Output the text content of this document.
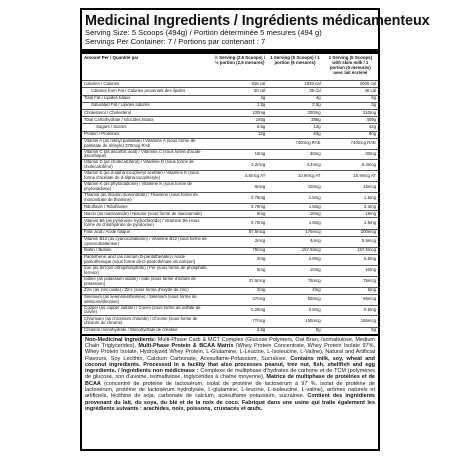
Medicinal Ingredients / Ingrédients médicamenteux
Serving Size: 5 Scoops (494g) / Portion déterminée 5 mesures (494 g)
Servings Per Container: 7 / Portions par contenant : 7
Amount Per / Quantité par	½ Serving (2.5 Scoops) / ½ portion (2,5 mesures)	1 Serving (5 Scoops) / 1 portion (5 mesures)	1 Serving (5 Scoops) with skim milk / 1 portion (5 mesures) avec lait écrémé
Calories / Calories	915 cal	1830 cal	2000 cal
Calories from Fat / Calories provenant des lipides	20 cal	35 cal	40 cal
Total Fat / Lipides totaux	2g	4g	5g
Saturated Fat / Lipides saturés	1.5g	2.5g	3g
Cholesterol / Cholestérol	100mg	200mg	210mg
Total Carbohydrate / Glucides totaux	193g	385g	409g
Sugars / Sucres	6.5g	13g	42g
Protein / Protéines	32g	63g	80g
Vitamin A (as retinyl palmitate) / Vitamine A (sous forme de palmitate de rétinyle) 370mcg RAE		740mcg RAE	740mcg RAE
Vitamin C (as ascorbic acid) / Vitamine C (sous forme d'acide ascorbique)	15mg	30mg	30mg
Vitamin D (as cholecalciferol) / Vitamine D (sous forme de cholécalciférol)	2.2mcg	4.4mcg	6.4mcg
Vitamin E (as d-alpha tocopheryl acetate) / Vitamine E (sous forme d'acétate de d-alpha-tocophéryle)	5.5mcg AT	10.9mcg AT	10.9mcg AT
Vitamin K (as phytonadione) / Vitamine K (sous forme de phytonadione)	8mcg	15mcg	15mcg
Thiamin (as thiamin mononitrate) / Thiamine (sous forme de mononitrate de thiamine)	0.75mg	1.5mg	1.5mg
Riboflavin / Riboflavine	0.75mg	1.5mg	2.3mg
Niacin (as niacinamide) / Niacine (sous forme de niacinamide)	9mg	18mg	18mg
Vitamin B6 (as pyridoxine hydrochloride) / Vitamine B6 (sous forme de chlorhydrate de pyridoxine)	0.75mg	1.5mg	1.5mg
Folic acid / Acide folique	87.5mcg	175mcg	200mcg
Vitamin B12 (as cyanocobalamin) / Vitamine B12 (sous forme de cyanocobalamine)	2mcg	4mcg	5.5mcg
Biotin / Biotine	79mcg	157.5mcg	157.5mcg
Pantothenic acid (as calcium D-pantothenate) / Acide pantothénique (sous forme de D-pantothénate de calcium)	2mg	4.9mg	6.5mg
Iron (as ferrous orthophosphate) / Fer (sous forme de phosphate ferreux)	5mg	10mg	10mg
Iodine (as potassium iodide) / Iode (sous forme d'iodure de potassium)	37.5mcg	75mcg	75mcg
Zinc (as zinc oxide) / Zinc (sous forme d'oxyde de zinc)	2mg	4mg	5mg
Selenium (as selenomethionine) / Sélénium (sous forme de sélénométhionine)	27mcg	55mcg	55mcg
Copper (as copper sulfate) / Cuivre (sous forme de sulfate de cuivre)	0.25mg	0.5mg	0.5mg
Chromium (as chromium chloride) / Chrome (sous forme de chlorure de chrome)	77mcg	155mcg	155mcg
Creatine monohydrate / Monohydrate de créatine	2.5g	5g	5g
Non-Medicinal Ingredients: Multi-Phase Carb & MCT Complex (Glucose Polymers, Oat Bran, Isomaltulose, Medium Chain Triglycerides), Multi-Phase Protein & BCAA Matrix (Whey Protein Concentrate, Whey Protein Isolate 97%, Whey Protein Isolate, Hydrolyzed Whey Protein, L-Glutamine, L-Leucine, L-Isoleucine, L-Valine), Natural and Artificial Flavours, Soy Lecithin, Calcium Carbonate, Acesulfame-Potassium, Sucralose. Contains milk, soy, wheat and coconut ingredients. Processed in a facility that also processes peanut, tree nut, fish, shellfish and egg ingredients. / Ingrédients non médicinaux : Complexe de multiphase d'hydrates de carbone et de TCM (polymères de glucose, son d'avoine, isomaltulose, triglycérides à chaîne moyenne), Matrice de multiphase de protéines et de BCAA (concentré de protéine de lactosérum, isolat de protéine de lactosérum à 97 %, isolat de protéine de lactosérum, protéine de lactosérum hydrolysée, L-glutamine, L-leucine, L-isoleucine, L-valine), arômes naturels et artificiels, lécithine de soja, carbonate de calcium, acésulfame potassium, sucralose. Contient des ingrédients provenant du lait, du soya, du blé et de la noix de coco. Fabriqué dans une usine qui traite également les ingrédients suivants : arachides, noix, poissons, crustacés et œufs.
